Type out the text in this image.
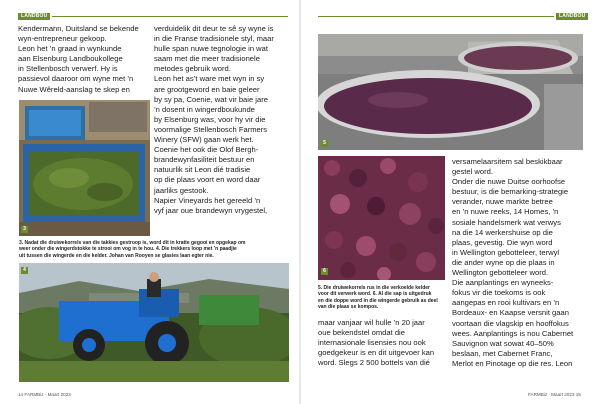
LANDBOU
Kendermann, Duitsland se bekende
wyn-entrepreneur gekoop.
Leon het ’n graad in wynkunde
aan Elsenburg Landboukollege
in Stellenbosch verwerf. Hy is
passievol daaroor om wyne met ’n
Nuwe Wêreld-aanslag te skep en
verduidelik dit deur te sê sy wyne is
in die Franse tradisionele styl, maar
hulle span nuwe tegnologie in wat
saam met die meer tradisionele
metodes gebruik word.
Leon het as’t ware met wyn in sy
are grootgeword en baie geleer
by sy pa, Coenie, wat vir baie jare
’n dosent in wingerdboukunde
by Elsenburg was, voor hy vir die
voormalige Stellenbosch Farmers
Winery (SFW) gaan werk het.
Coenie het ook die Olof Bergh-
brandewynfasiliteit bestuur en
natuurlik sit Leon dié tradisie
op die plaas voort en word daar
jaarliks gestook.
Napier Vineyards het gereeld ’n
vyf jaar oue brandewyn vrygestel,
3
3. Nadat die druiwekorrels van die takkies gestroop is, word dit in kratte gegooi en opgekap om
weer onder die wingerdstokke te strooi om vog in te hou. 4. Die trekkers loop met ’n paadjie
uit tussen die wingerde en die kelder. Johan van Rooyen se glasies laan egter nie.
4
14 FARMBiz · Maart 2023
LANDBOU
5
6
5. Die druiwekorrels rus in die verkoelde kelder
voor dit verwerk word. 6. Al die sap is uitgedruk
en die doppe word in die wingerde gebruik as deel
van die plaas se kompos.
maar vanjaar wil hulle ’n 20 jaar
oue bekendstel omdat die
internasionale lisensies nou ook
goedgekeur is en dit uitgevoer kan
word. Slegs 2 500 bottels van dié
versamelaarsitem sal beskikbaar
gestel word.
Onder die nuwe Duitse oorhoofse
bestuur, is die bemarking-strategie
verander, nuwe markte betree
en ’n nuwe reeks, 14 Homes, ’n
sosiale handelsmerk wat verwys
na die 14 werkershuise op die
plaas, gevestig. Die wyn word
in Wellington gebotteleer, terwyl
die ander wyne op die plaas in
Wellington gebotteleer word.
Die aanplantings en wyneeks-
fokus vir die toekoms is ook
aangepas en rooi kultivars en ’n
Bordeaux- en Kaapse versnit gaan
voortaan die vlagskip en hooffokus
wees. Aanplantings is nou Cabernet
Sauvignon wat sowat 40–50%
beslaan, met Cabernet Franc,
Merlot en Pinotage op die res. Leon
FARMBiz · Maart 2023 15
